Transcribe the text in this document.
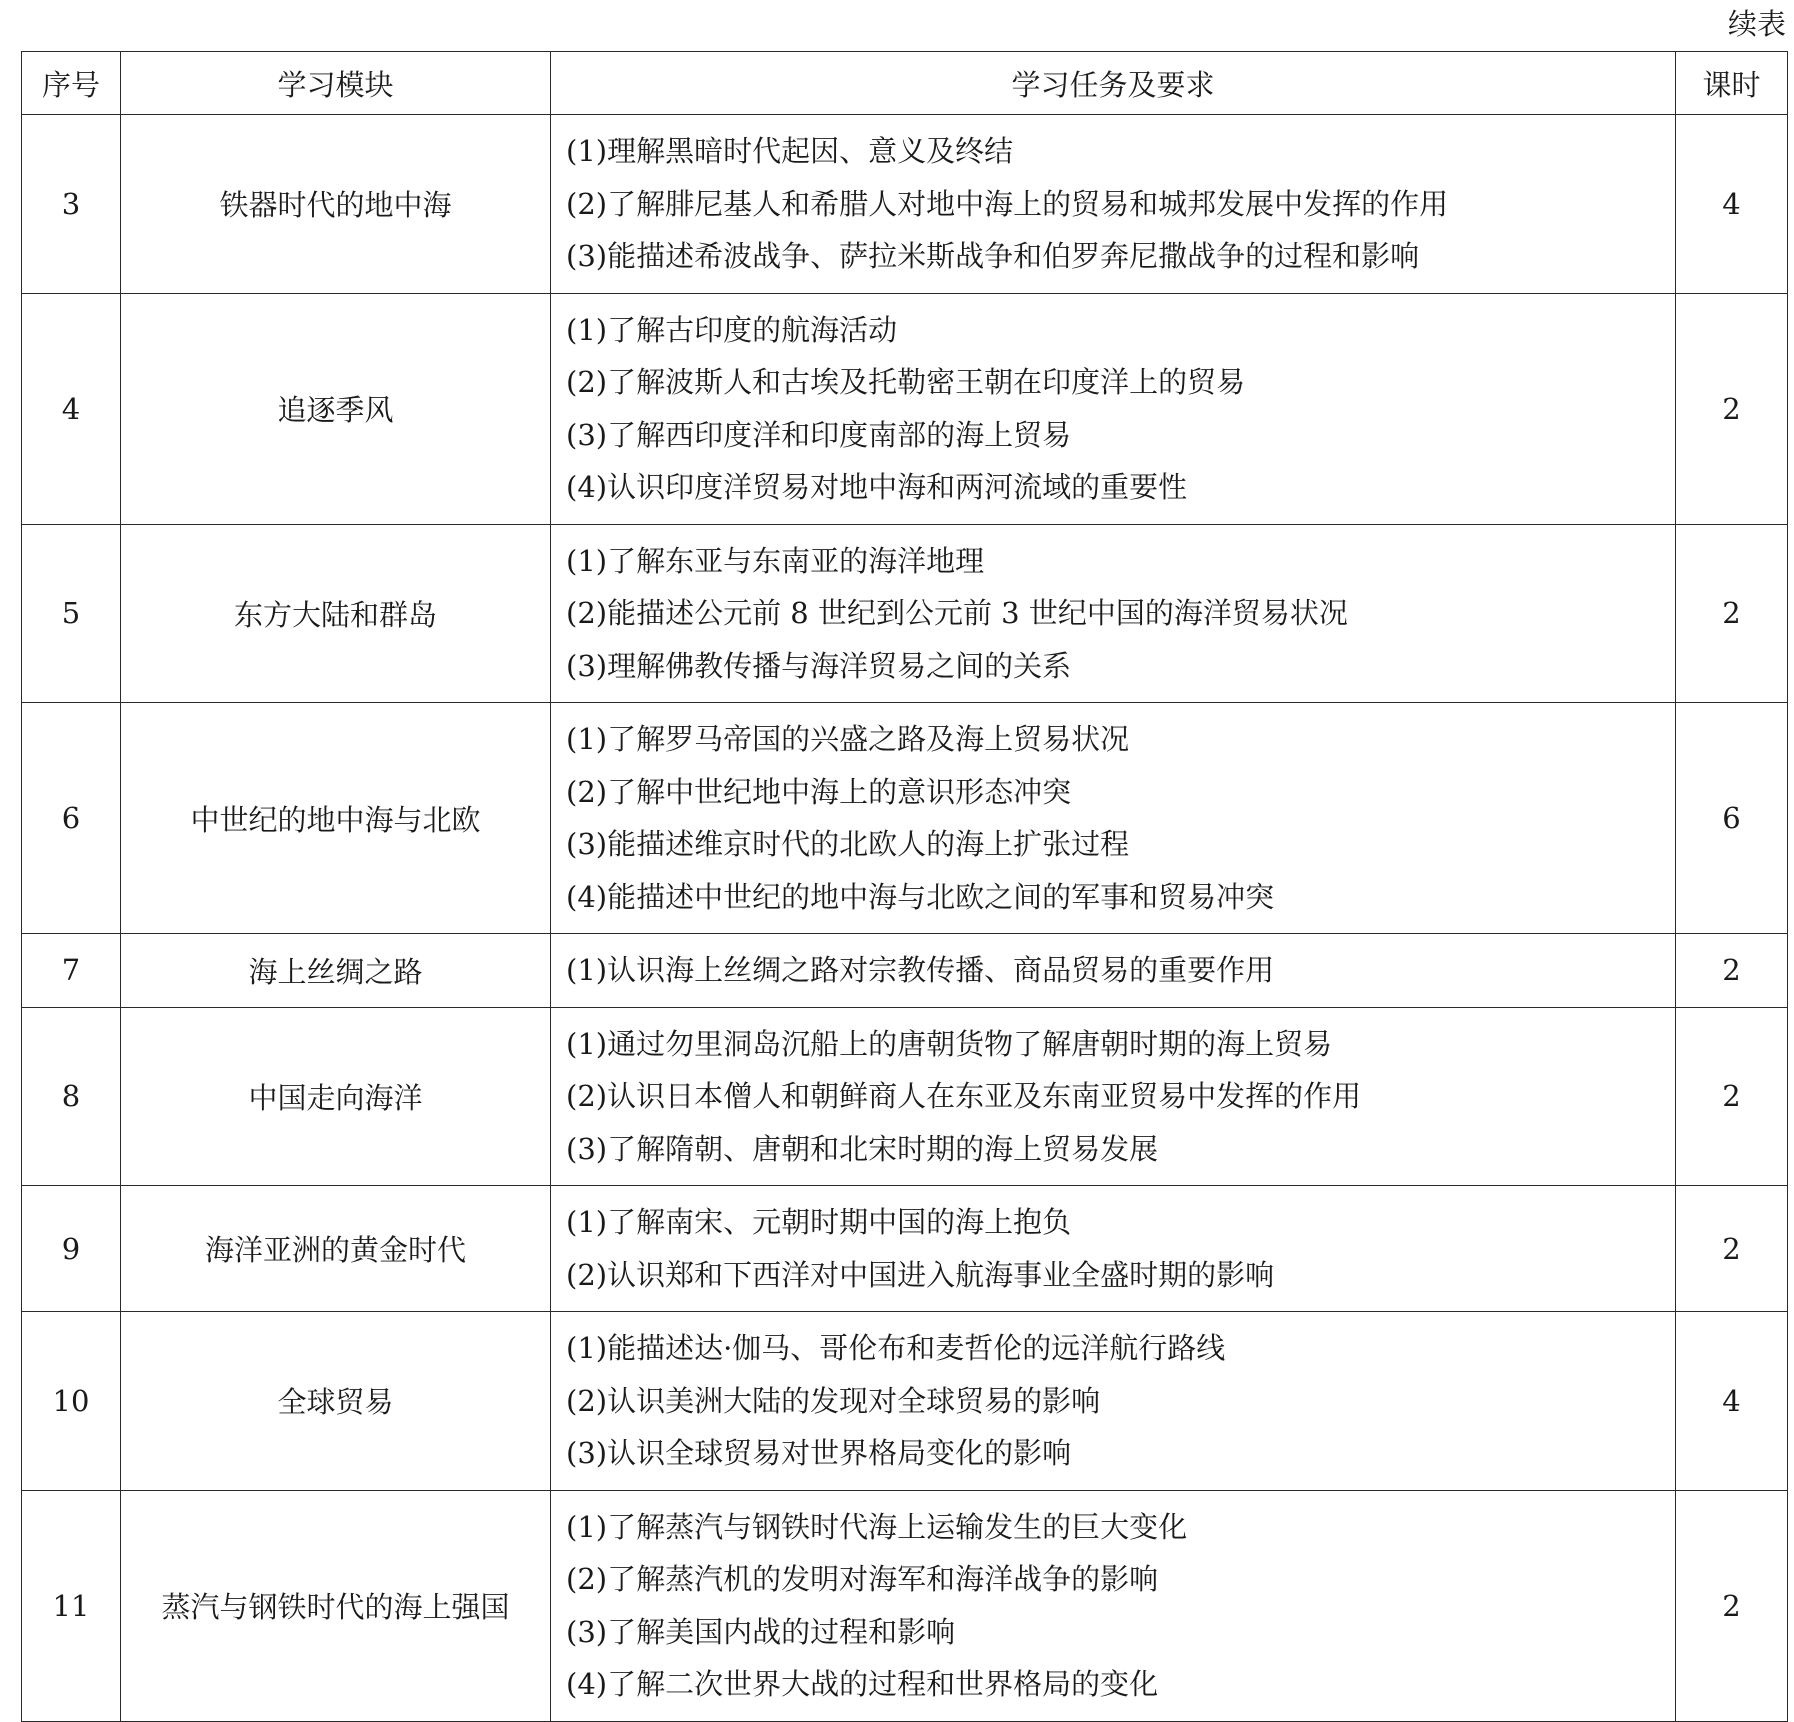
续表
序号	学习模块	学习任务及要求	课时
3	铁器时代的地中海	(1)理解黑暗时代起因、意义及终结
(2)了解腓尼基人和希腊人对地中海上的贸易和城邦发展中发挥的作用
(3)能描述希波战争、萨拉米斯战争和伯罗奔尼撒战争的过程和影响	4
4	追逐季风	(1)了解古印度的航海活动
(2)了解波斯人和古埃及托勒密王朝在印度洋上的贸易
(3)了解西印度洋和印度南部的海上贸易
(4)认识印度洋贸易对地中海和两河流域的重要性	2
5	东方大陆和群岛	(1)了解东亚与东南亚的海洋地理
(2)能描述公元前 8 世纪到公元前 3 世纪中国的海洋贸易状况
(3)理解佛教传播与海洋贸易之间的关系	2
6	中世纪的地中海与北欧	(1)了解罗马帝国的兴盛之路及海上贸易状况
(2)了解中世纪地中海上的意识形态冲突
(3)能描述维京时代的北欧人的海上扩张过程
(4)能描述中世纪的地中海与北欧之间的军事和贸易冲突	6
7	海上丝绸之路	(1)认识海上丝绸之路对宗教传播、商品贸易的重要作用	2
8	中国走向海洋	(1)通过勿里洞岛沉船上的唐朝货物了解唐朝时期的海上贸易
(2)认识日本僧人和朝鲜商人在东亚及东南亚贸易中发挥的作用
(3)了解隋朝、唐朝和北宋时期的海上贸易发展	2
9	海洋亚洲的黄金时代	(1)了解南宋、元朝时期中国的海上抱负
(2)认识郑和下西洋对中国进入航海事业全盛时期的影响	2
10	全球贸易	(1)能描述达·伽马、哥伦布和麦哲伦的远洋航行路线
(2)认识美洲大陆的发现对全球贸易的影响
(3)认识全球贸易对世界格局变化的影响	4
11	蒸汽与钢铁时代的海上强国	(1)了解蒸汽与钢铁时代海上运输发生的巨大变化
(2)了解蒸汽机的发明对海军和海洋战争的影响
(3)了解美国内战的过程和影响
(4)了解二次世界大战的过程和世界格局的变化	2
